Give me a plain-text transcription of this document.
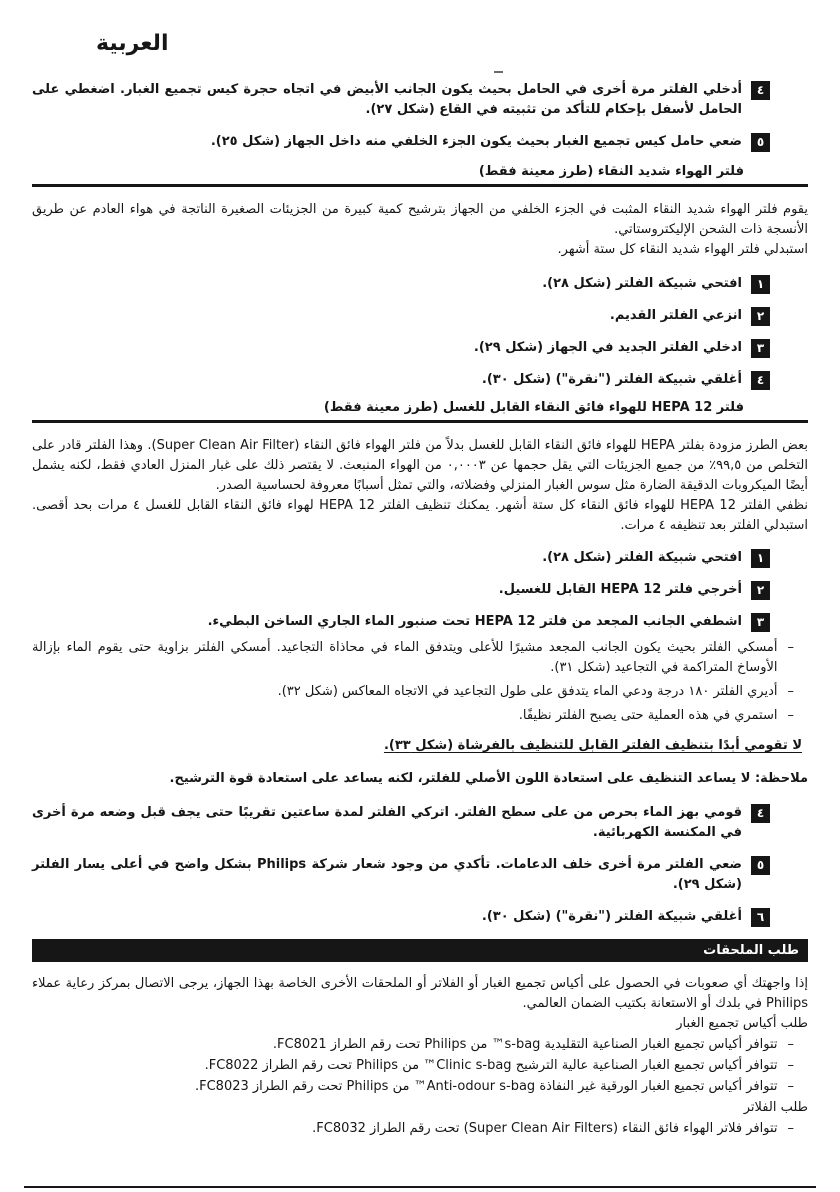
العربية
٤
أدخلي الفلتر مرة أخرى في الحامل بحيث يكون الجانب الأبيض في اتجاه حجرة كيس تجميع الغبار. اضغطي على الحامل لأسفل بإحكام للتأكد من تثبيته في القاع (شكل ٢٧).
٥
ضعي حامل كيس تجميع الغبار بحيث يكون الجزء الخلفي منه داخل الجهاز (شكل ٢٥).
فلتر الهواء شديد النقاء (طرز معينة فقط)

يقوم فلتر الهواء شديد النقاء المثبت في الجزء الخلفي من الجهاز بترشيح كمية كبيرة من الجزيئات الصغيرة الناتجة في هواء العادم عن طريق الأنسجة ذات الشحن الإليكتروستاتي.

استبدلي فلتر الهواء شديد النقاء كل ستة أشهر.

١
افتحي شبيكة الفلتر (شكل ٢٨).
٢
انزعي الفلتر القديم.
٣
ادخلي الفلتر الجديد في الجهاز (شكل ٢٩).
٤
أغلقي شبيكة الفلتر ("نقرة") (شكل ٣٠).
فلتر HEPA 12 للهواء فائق النقاء القابل للغسل (طرز معينة فقط)

بعض الطرز مزودة بفلتر HEPA للهواء فائق النقاء القابل للغسل بدلاً من فلتر الهواء فائق النقاء (Super Clean Air Filter). وهذا الفلتر قادر على التخلص من ٩٩,٥٪ من جميع الجزيئات التي يقل حجمها عن ٠,٠٠٠٣ من الهواء المنبعث. لا يقتصر ذلك على غبار المنزل العادي فقط، لكنه يشمل أيضًا الميكروبات الدقيقة الضارة مثل سوس الغبار المنزلي وفضلاته، والتي تمثل أسبابًا معروفة لحساسية الصدر.

نظفي الفلتر HEPA 12 للهواء فائق النقاء كل ستة أشهر. يمكنك تنظيف الفلتر HEPA 12 لهواء فائق النقاء القابل للغسل ٤ مرات بحد أقصى. استبدلي الفلتر بعد تنظيفه ٤ مرات.

١
افتحي شبيكة الفلتر (شكل ٢٨).
٢
أخرجي فلتر HEPA 12 القابل للغسيل.
٣
اشطفي الجانب المجعد من فلتر HEPA 12 تحت صنبور الماء الجاري الساخن البطيء.
–
أمسكي الفلتر بحيث يكون الجانب المجعد مشيرًا للأعلى ويتدفق الماء في محاذاة التجاعيد. أمسكي الفلتر بزاوية حتى يقوم الماء بإزالة الأوساخ المتراكمة في التجاعيد (شكل ٣١).
–
أديري الفلتر ١٨٠ درجة ودعي الماء يتدفق على طول التجاعيد في الاتجاه المعاكس (شكل ٣٢).
–
استمري في هذه العملية حتى يصبح الفلتر نظيفًا.
لا تقومي أبدًا بتنظيف الفلتر القابل للتنظيف بالفرشاة (شكل ٣٣).
ملاحظة: لا يساعد التنظيف على استعادة اللون الأصلي للفلتر، لكنه يساعد على استعادة قوة الترشيح.
٤
قومي بهز الماء بحرص من على سطح الفلتر. اتركي الفلتر لمدة ساعتين تقريبًا حتى يجف قبل وضعه مرة أخرى في المكنسة الكهربائية.
٥
ضعي الفلتر مرة أخرى خلف الدعامات. تأكدي من وجود شعار شركة Philips بشكل واضح في أعلى يسار الفلتر (شكل ٢٩).
٦
أغلقي شبيكة الفلتر ("نقرة") (شكل ٣٠).
طلب الملحقات

إذا واجهتك أي صعوبات في الحصول على أكياس تجميع الغبار أو الفلاتر أو الملحقات الأخرى الخاصة بهذا الجهاز، يرجى الاتصال بمركز رعاية عملاء Philips في بلدك أو الاستعانة بكتيب الضمان العالمي.

طلب أكياس تجميع الغبار
–
تتوافر أكياس تجميع الغبار الصناعية التقليدية s-bag™ من Philips تحت رقم الطراز FC8021.
–
تتوافر أكياس تجميع الغبار الصناعية عالية الترشيح Clinic s-bag™ من Philips تحت رقم الطراز FC8022.
–
تتوافر أكياس تجميع الغبار الورقية غير النفاذة Anti-odour s-bag™ من Philips تحت رقم الطراز FC8023.
طلب الفلاتر
–
تتوافر فلاتر الهواء فائق النقاء (Super Clean Air Filters) تحت رقم الطراز FC8032.
